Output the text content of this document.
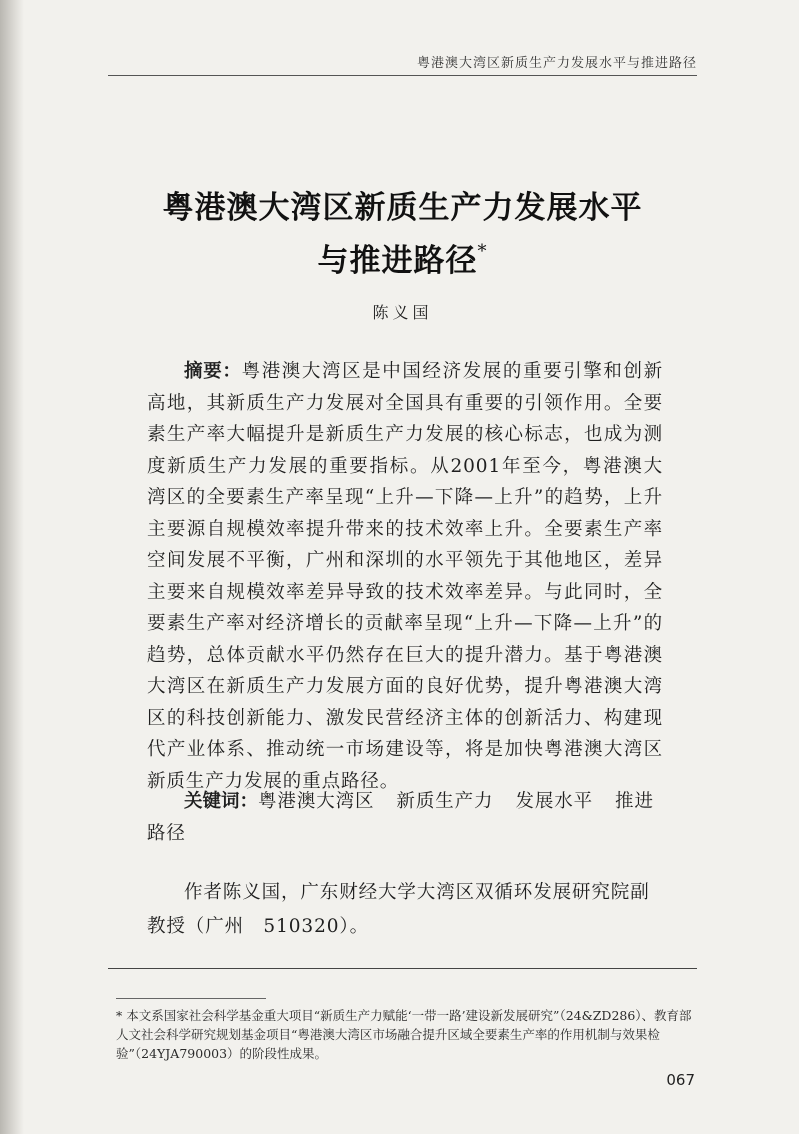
粤港澳大湾区新质生产力发展水平与推进路径
粤港澳大湾区新质生产力发展水平
与推进路径*
陈义国
摘要：粤港澳大湾区是中国经济发展的重要引擎和创新高地，其新质生产力发展对全国具有重要的引领作用。全要素生产率大幅提升是新质生产力发展的核心标志，也成为测度新质生产力发展的重要指标。从2001年至今，粤港澳大湾区的全要素生产率呈现“上升—下降—上升”的趋势，上升主要源自规模效率提升带来的技术效率上升。全要素生产率空间发展不平衡，广州和深圳的水平领先于其他地区，差异主要来自规模效率差异导致的技术效率差异。与此同时，全要素生产率对经济增长的贡献率呈现“上升—下降—上升”的趋势，总体贡献水平仍然存在巨大的提升潜力。基于粤港澳大湾区在新质生产力发展方面的良好优势，提升粤港澳大湾区的科技创新能力、激发民营经济主体的创新活力、构建现代产业体系、推动统一市场建设等，将是加快粤港澳大湾区新质生产力发展的重点路径。
关键词：粤港澳大湾区 新质生产力 发展水平 推进路径
作者陈义国，广东财经大学大湾区双循环发展研究院副教授（广州　510320）。
* 本文系国家社会科学基金重大项目“新质生产力赋能‘一带一路’建设新发展研究”（24&ZD286）、教育部人文社会科学研究规划基金项目“粤港澳大湾区市场融合提升区域全要素生产率的作用机制与效果检验”（24YJA790003）的阶段性成果。
067
